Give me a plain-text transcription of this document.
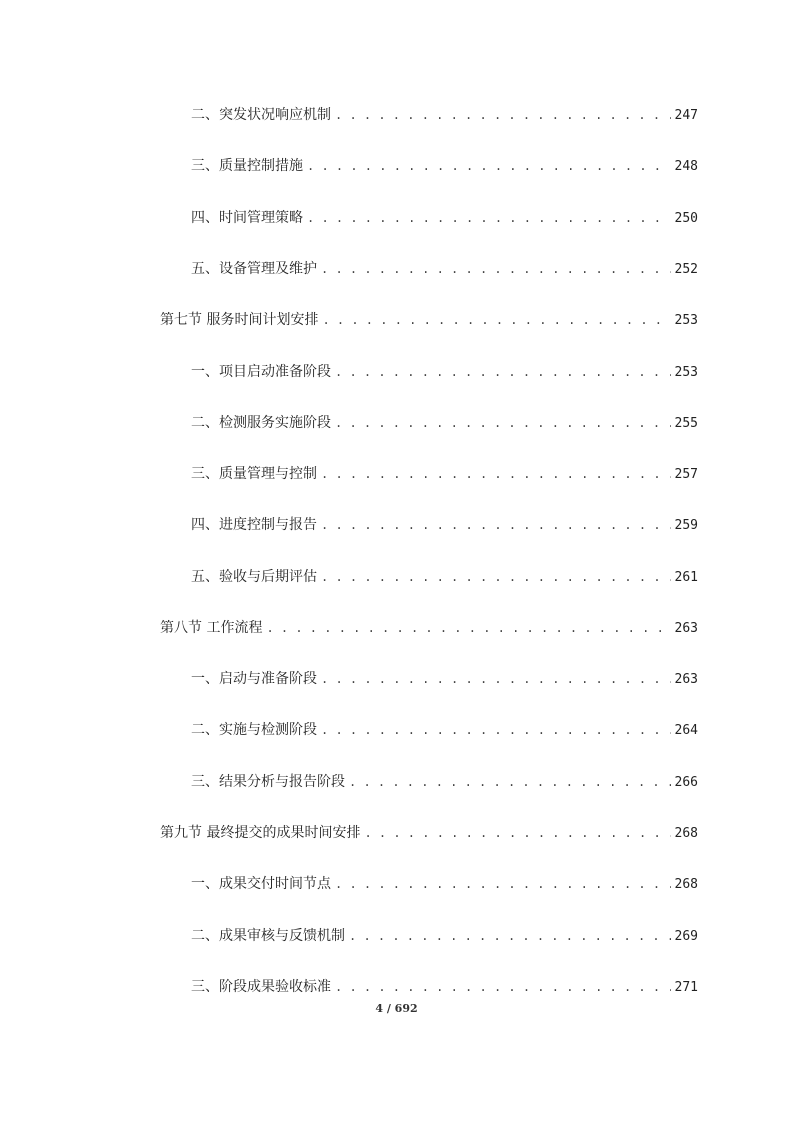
二、突发状况响应机制 . . .	247
三、质量控制措施 . . .	248
四、时间管理策略 . . .	250
五、设备管理及维护 . . .	252
第七节 服务时间计划安排 . . .	253
一、项目启动准备阶段 . . .	253
二、检测服务实施阶段 . . .	255
三、质量管理与控制 . . .	257
四、进度控制与报告 . . .	259
五、验收与后期评估 . . .	261
第八节 工作流程 . . .	263
一、启动与准备阶段 . . .	263
二、实施与检测阶段 . . .	264
三、结果分析与报告阶段 . . .	266
第九节 最终提交的成果时间安排 . . .	268
一、成果交付时间节点 . . .	268
二、成果审核与反馈机制 . . .	269
三、阶段成果验收标准 . . .	271
4 / 692
